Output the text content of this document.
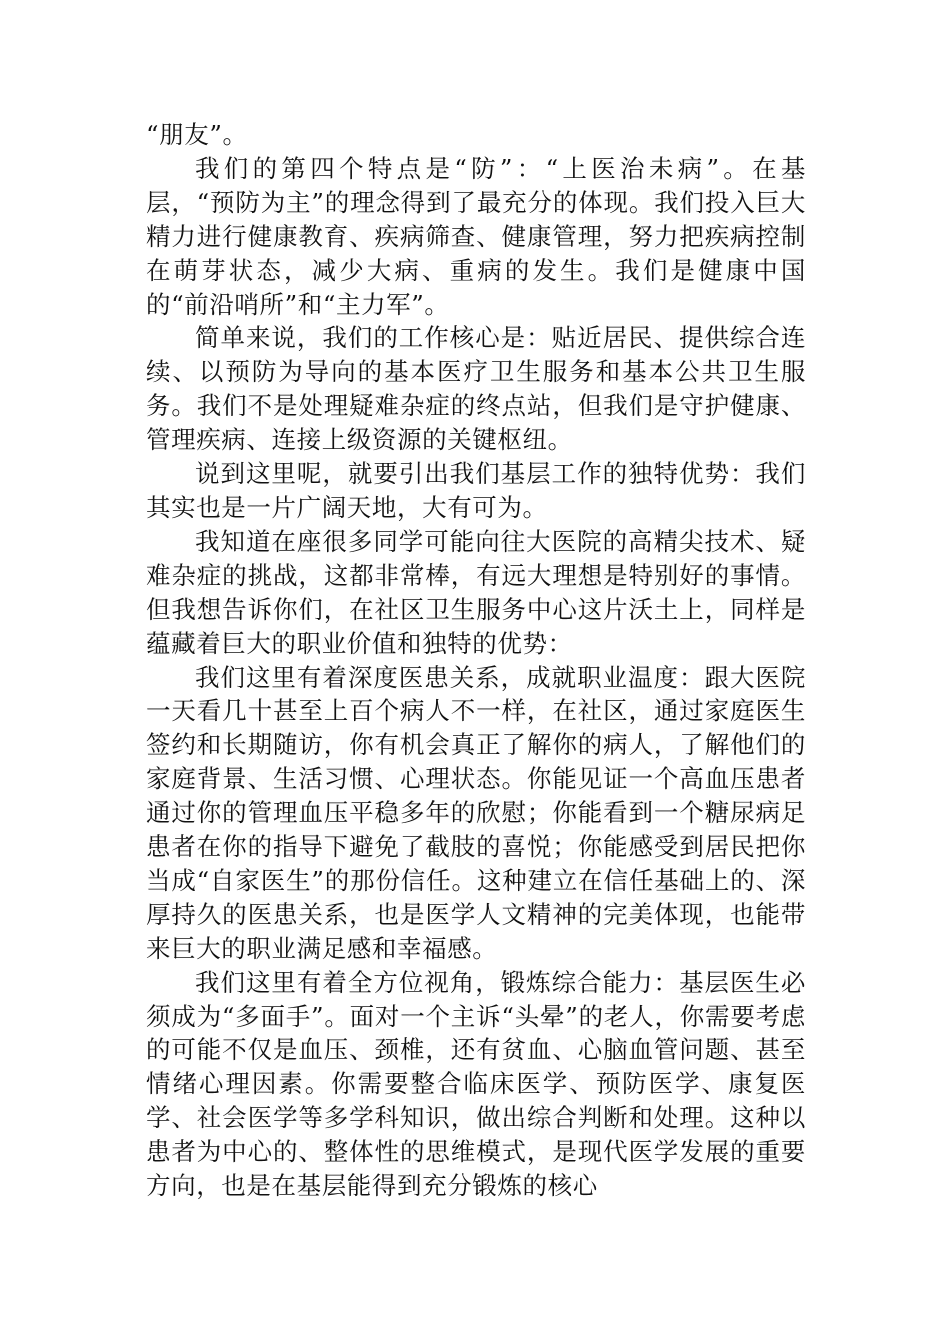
“朋友”。

我们的第四个特点是“防”：“上医治未病”。在基层，“预防为主”的理念得到了最充分的体现。我们投入巨大精力进行健康教育、疾病筛查、健康管理，努力把疾病控制在萌芽状态，减少大病、重病的发生。我们是健康中国的“前沿哨所”和“主力军”。

简单来说，我们的工作核心是：贴近居民、提供综合连续、以预防为导向的基本医疗卫生服务和基本公共卫生服务。我们不是处理疑难杂症的终点站，但我们是守护健康、管理疾病、连接上级资源的关键枢纽。

说到这里呢，就要引出我们基层工作的独特优势：我们其实也是一片广阔天地，大有可为。

我知道在座很多同学可能向往大医院的高精尖技术、疑难杂症的挑战，这都非常棒，有远大理想是特别好的事情。但我想告诉你们，在社区卫生服务中心这片沃土上，同样是蕴藏着巨大的职业价值和独特的优势：

我们这里有着深度医患关系，成就职业温度：跟大医院一天看几十甚至上百个病人不一样，在社区，通过家庭医生签约和长期随访，你有机会真正了解你的病人，了解他们的家庭背景、生活习惯、心理状态。你能见证一个高血压患者通过你的管理血压平稳多年的欣慰；你能看到一个糖尿病足患者在你的指导下避免了截肢的喜悦；你能感受到居民把你当成“自家医生”的那份信任。这种建立在信任基础上的、深厚持久的医患关系，也是医学人文精神的完美体现，也能带来巨大的职业满足感和幸福感。

我们这里有着全方位视角，锻炼综合能力：基层医生必须成为“多面手”。面对一个主诉“头晕”的老人，你需要考虑的可能不仅是血压、颈椎，还有贫血、心脑血管问题、甚至情绪心理因素。你需要整合临床医学、预防医学、康复医学、社会医学等多学科知识，做出综合判断和处理。这种以患者为中心的、整体性的思维模式，是现代医学发展的重要方向，也是在基层能得到充分锻炼的核心
